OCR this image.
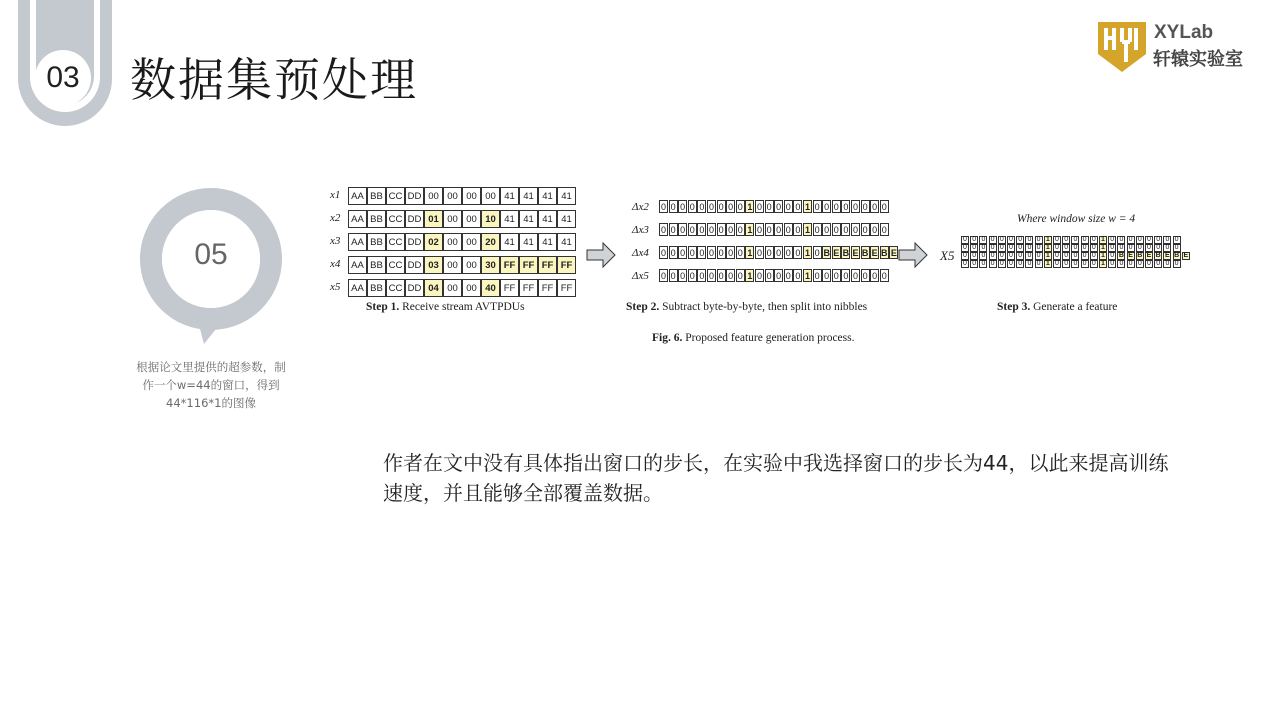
03 数据集预处理
XYLab
轩辕实验室
05
根据论文里提供的超参数，制
作一个w=44的窗口，得到
44*116*1的图像
x1	AA BB CC DD 00 00 00 00 41 41 41 41
x2	AA BB CC DD 01 00 00 10 41 41 41 41
x3	AA BB CC DD 02 00 00 20 41 41 41 41
x4	AA BB CC DD 03 00 00 30 FF FF FF FF
x5	AA BB CC DD 04 00 00 40 FF FF FF FF
Δx2 0 0 0 0 0 0 0 0 0 1 0 0 0 0 0 1 0 0 0 0 0 0 0 0
Δx3 0 0 0 0 0 0 0 0 0 1 0 0 0 0 0 1 0 0 0 0 0 0 0 0
Δx4 0 0 0 0 0 0 0 0 0 1 0 0 0 0 0 1 0 B E B E B E B E
Δx5 0 0 0 0 0 0 0 0 0 1 0 0 0 0 0 1 0 0 0 0 0 0 0 0
Where window size w = 4
X5
0 0 0 0 0 0 0 0 0 1 0 0 0 0 0 1 0 0 0 0 0 0 0 0
0 0 0 0 0 0 0 0 0 1 0 0 0 0 0 1 0 0 0 0 0 0 0 0
0 0 0 0 0 0 0 0 0 1 0 0 0 0 0 1 0 B E B E B E B E
0 0 0 0 0 0 0 0 0 1 0 0 0 0 0 1 0 0 0 0 0 0 0 0
Step 1. Receive stream AVTPDUs	Step 2. Subtract byte-by-byte, then split into nibbles	Step 3. Generate a feature
Fig. 6. Proposed feature generation process.
作者在文中没有具体指出窗口的步长，在实验中我选择窗口的步长为44，以此来提高训练速度，并且能够全部覆盖数据。
